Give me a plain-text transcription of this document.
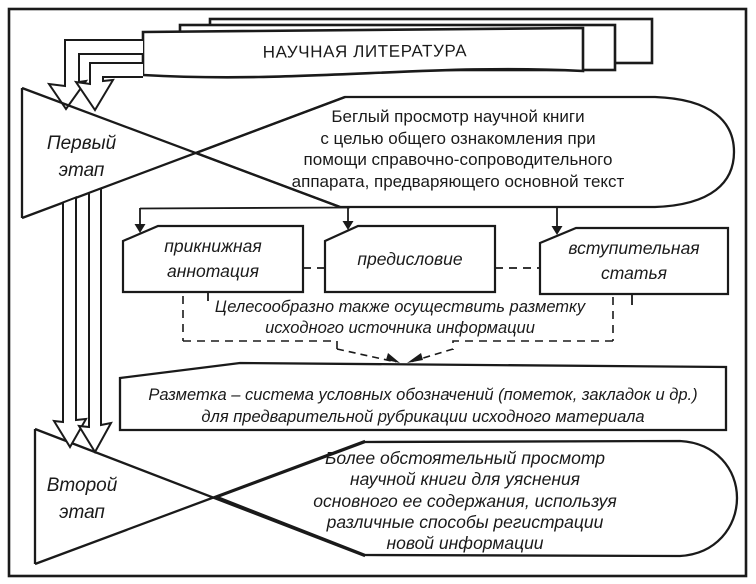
НАУЧНАЯ ЛИТЕРАТУРА
Первый
этап
Беглый просмотр научной книги
с целью общего ознакомления при
помощи справочно-сопроводительного
аппарата, предваряющего основной текст
прикнижная
аннотация
предисловие
вступительная
статья
Целесообразно также осуществить разметку
исходного источника информации
Разметка – система условных обозначений (пометок, закладок и др.)
для предварительной рубрикации исходного материала
Второй
этап
Более обстоятельный просмотр
научной книги для уяснения
основного ее содержания, используя
различные способы регистрации
новой информации
